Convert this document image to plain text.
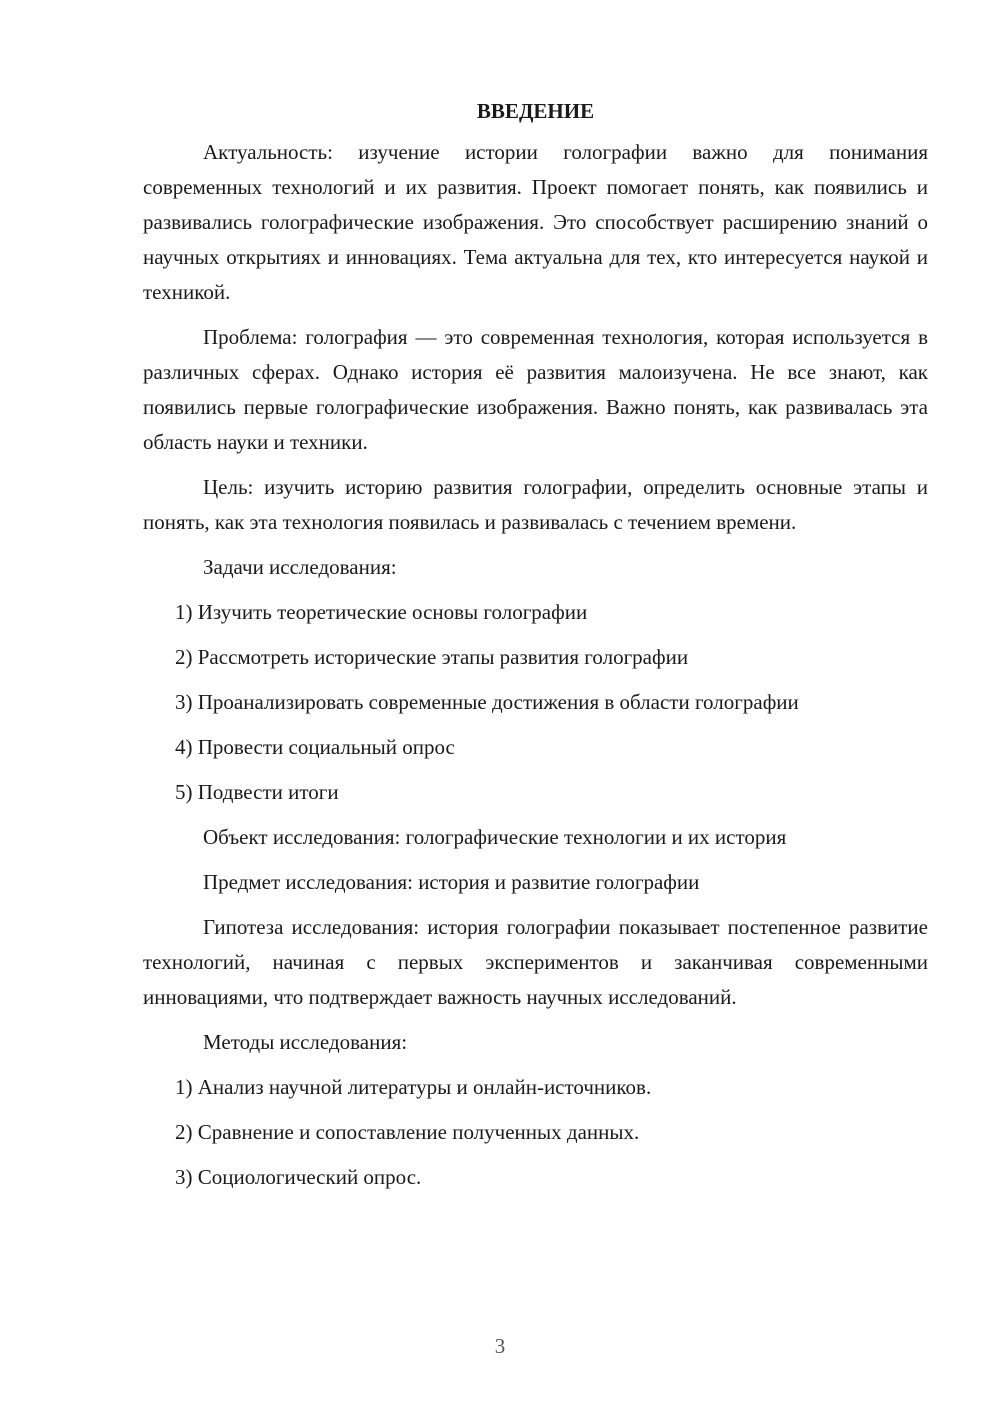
ВВЕДЕНИЕ

Актуальность: изучение истории голографии важно для понимания современных технологий и их развития. Проект помогает понять, как появились и развивались голографические изображения. Это способствует расширению знаний о научных открытиях и инновациях. Тема актуальна для тех, кто интересуется наукой и техникой.

Проблема: голография — это современная технология, которая используется в различных сферах. Однако история её развития малоизучена. Не все знают, как появились первые голографические изображения. Важно понять, как развивалась эта область науки и техники.

Цель: изучить историю развития голографии, определить основные этапы и понять, как эта технология появилась и развивалась с течением времени.

Задачи исследования:
1) Изучить теоретические основы голографии
2) Рассмотреть исторические этапы развития голографии
3) Проанализировать современные достижения в области голографии
4) Провести социальный опрос
5) Подвести итоги
Объект исследования: голографические технологии и их история
Предмет исследования: история и развитие голографии

Гипотеза исследования: история голографии показывает постепенное развитие технологий, начиная с первых экспериментов и заканчивая современными инновациями, что подтверждает важность научных исследований.

Методы исследования:
1) Анализ научной литературы и онлайн-источников.
2) Сравнение и сопоставление полученных данных.
3) Социологический опрос.
3
